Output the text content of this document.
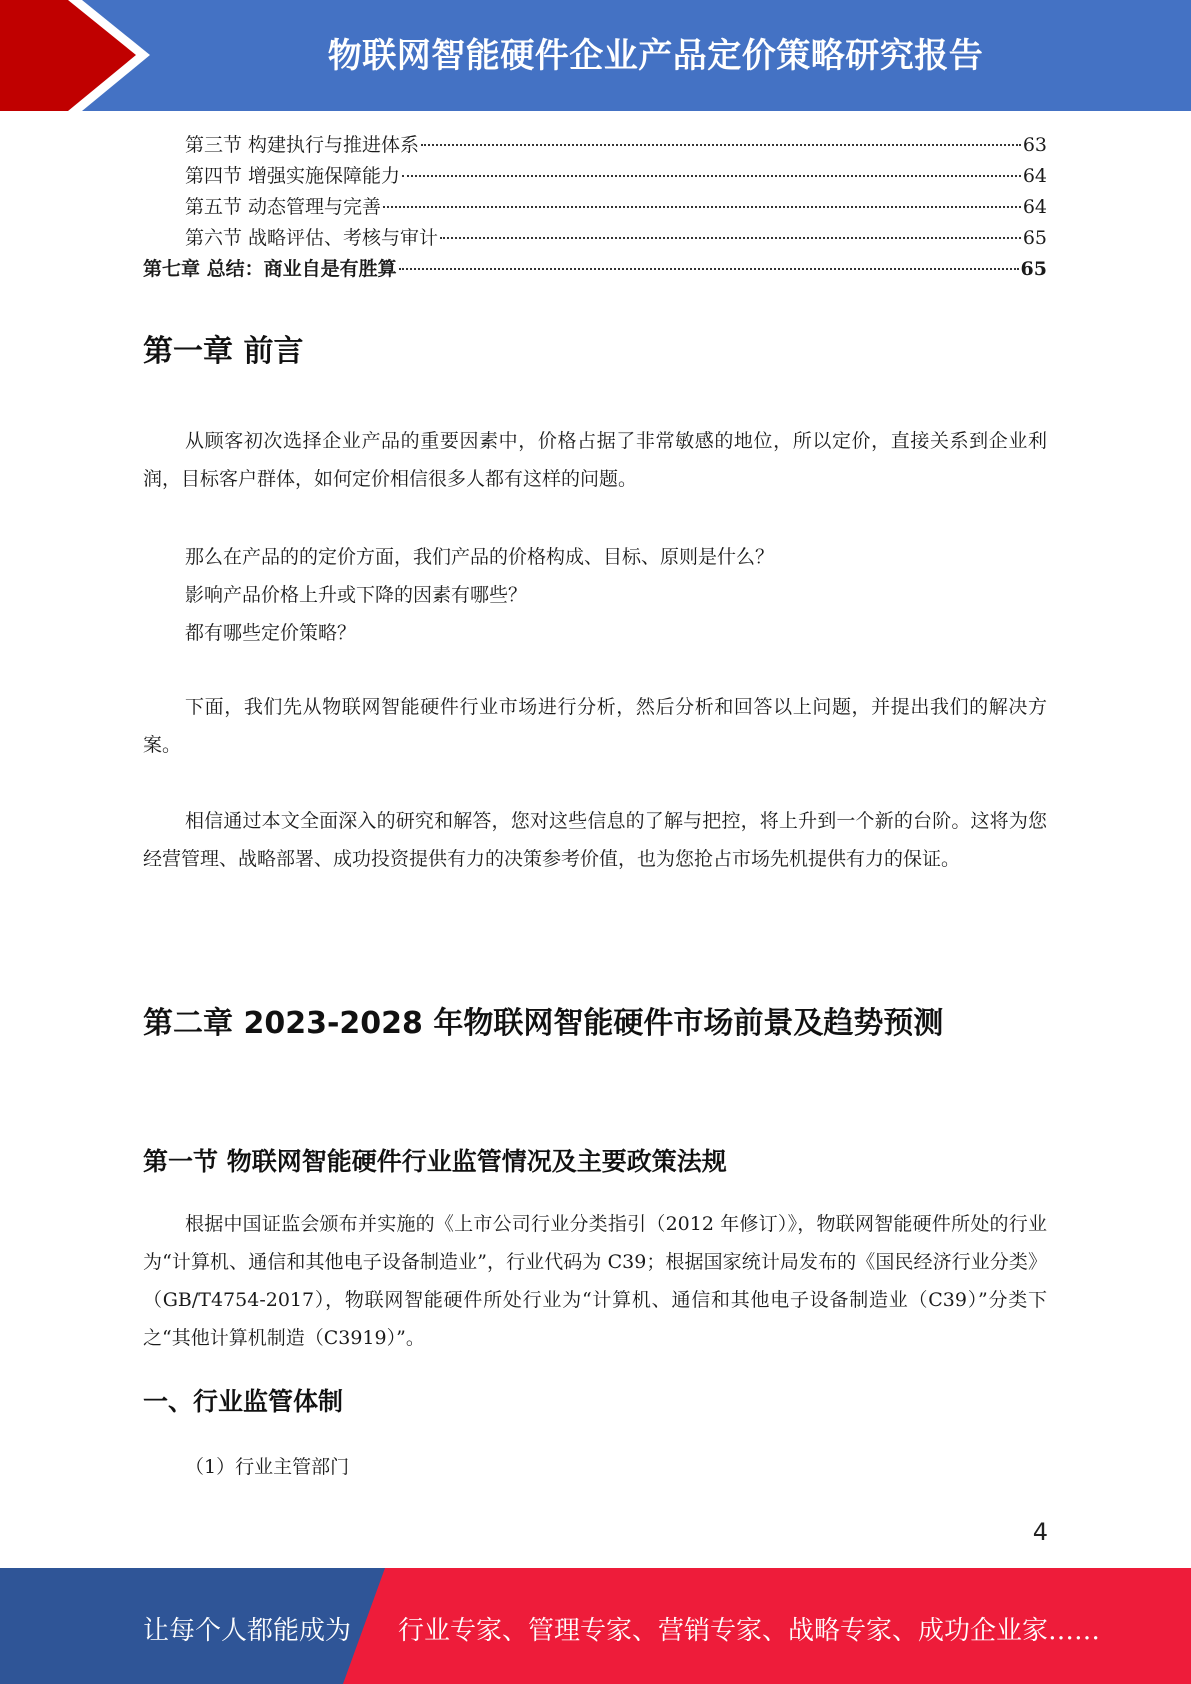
物联网智能硬件企业产品定价策略研究报告
第三节 构建执行与推进体系	63
第四节 增强实施保障能力	64
第五节 动态管理与完善	64
第六节 战略评估、考核与审计	65
第七章 总结：商业自是有胜算	65
第一章 前言

从顾客初次选择企业产品的重要因素中，价格占据了非常敏感的地位，所以定价，直接关系到企业利润，目标客户群体，如何定价相信很多人都有这样的问题。

那么在产品的的定价方面，我们产品的价格构成、目标、原则是什么？
影响产品价格上升或下降的因素有哪些？
都有哪些定价策略？

下面，我们先从物联网智能硬件行业市场进行分析，然后分析和回答以上问题，并提出我们的解决方案。

相信通过本文全面深入的研究和解答，您对这些信息的了解与把控，将上升到一个新的台阶。这将为您经营管理、战略部署、成功投资提供有力的决策参考价值，也为您抢占市场先机提供有力的保证。

第二章 2023-2028 年物联网智能硬件市场前景及趋势预测
第一节 物联网智能硬件行业监管情况及主要政策法规

根据中国证监会颁布并实施的《上市公司行业分类指引（2012 年修订）》，物联网智能硬件所处的行业为“计算机、通信和其他电子设备制造业”，行业代码为 C39；根据国家统计局发布的《国民经济行业分类》（GB/T4754-2017），物联网智能硬件所处行业为“计算机、通信和其他电子设备制造业（C39）”分类下之“其他计算机制造（C3919）”。

一、行业监管体制
（1）行业主管部门
4
让每个人都能成为 行业专家、管理专家、营销专家、战略专家、成功企业家……
